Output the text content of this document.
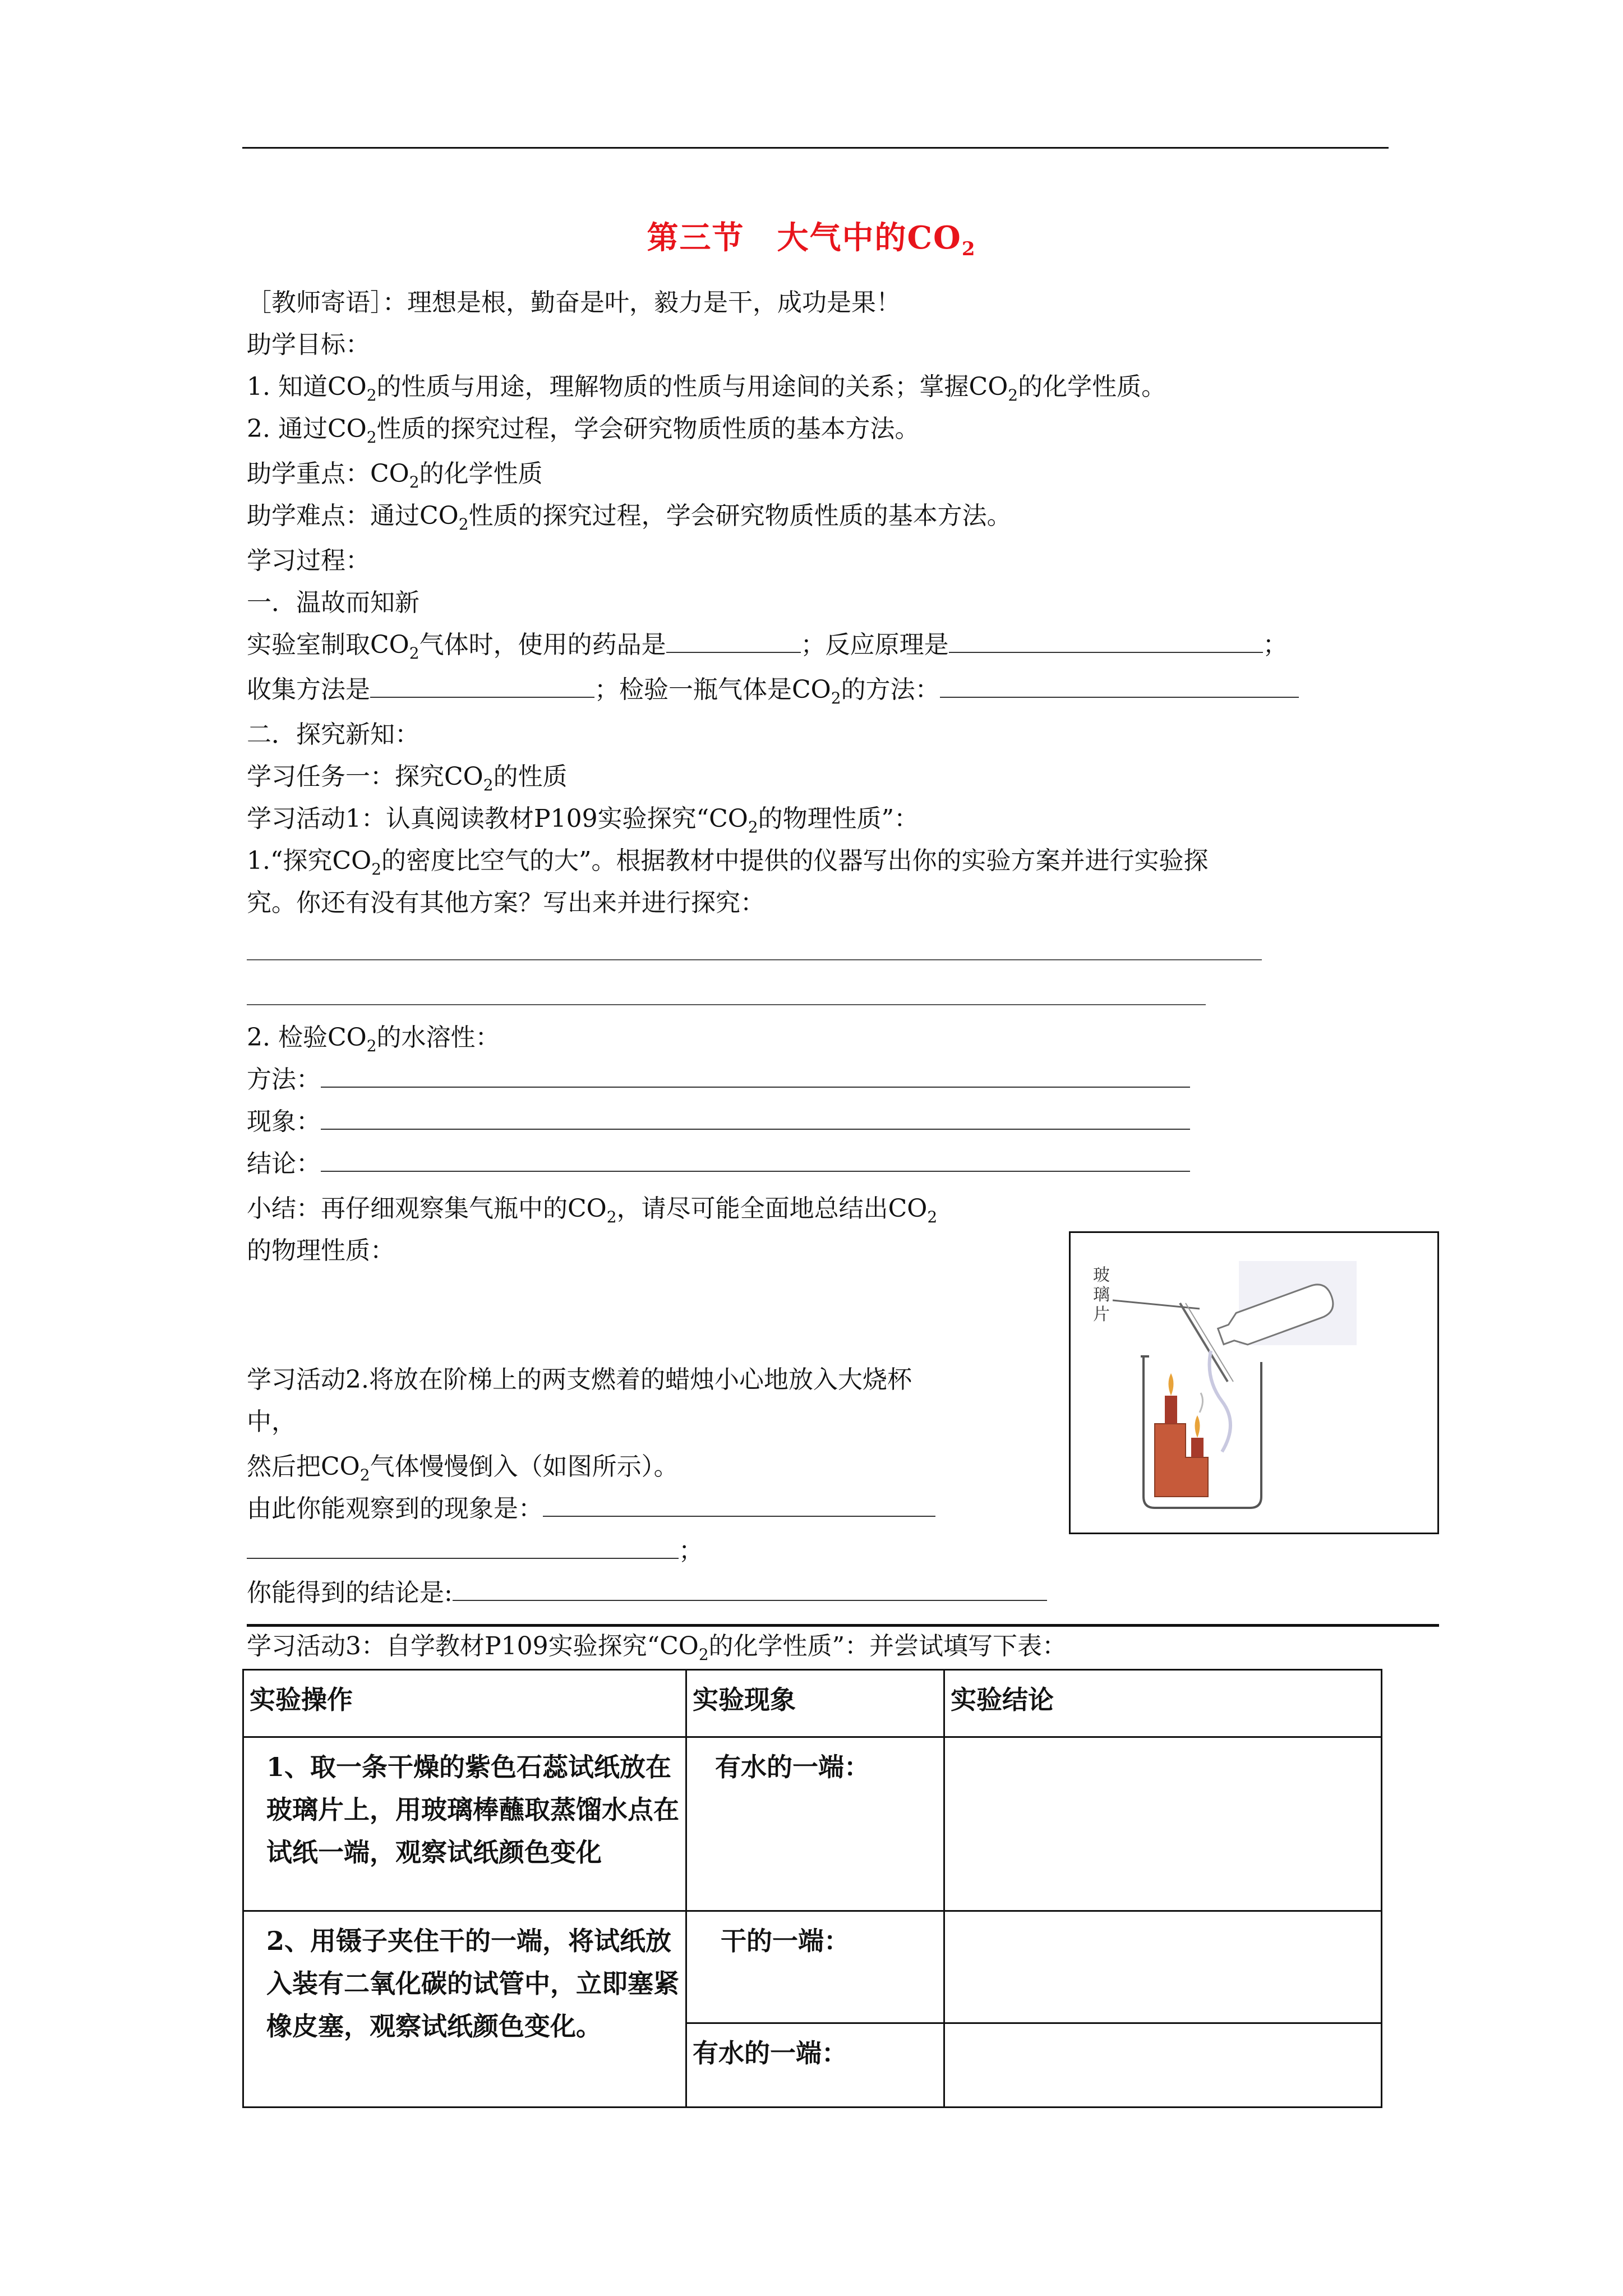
第三节　大气中的$CO_2$
［教师寄语］：理想是根，勤奋是叶，毅力是干，成功是果！
助学目标：
1. 知道$CO_2$的性质与用途，理解物质的性质与用途间的关系；掌握$CO_2$的化学性质。
2. 通过$CO_2$性质的探究过程，学会研究物质性质的基本方法。
助学重点：$CO_2$的化学性质
助学难点：通过$CO_2$性质的探究过程，学会研究物质性质的基本方法。
学习过程：
一．温故而知新
实验室制取$CO_2$气体时，使用的药品是	；反应原理是	；
收集方法是	；检验一瓶气体是$CO_2$的方法：
二．探究新知：
学习任务一：探究$CO_2$的性质
学习活动1：认真阅读教材P109实验探究“$CO_2$的物理性质”：
1.“探究$CO_2$的密度比空气的大”。根据教材中提供的仪器写出你的实验方案并进行实验探
究。你还有没有其他方案？写出来并进行探究：
2. 检验$CO_2$的水溶性：
方法：
现象：
结论：
小结：再仔细观察集气瓶中的$CO_2$，请尽可能全面地总结出$CO_2$
的物理性质：
学习活动2.将放在阶梯上的两支燃着的蜡烛小心地放入大烧杯
中，
然后把$CO_2$气体慢慢倒入（如图所示）。
由此你能观察到的现象是：
；
你能得到的结论是:
玻
璃
片
学习活动3：自学教材P109实验探究“$CO_2$的化学性质”：并尝试填写下表：
实验操作	实验现象	实验结论
1、取一条干燥的紫色石蕊试纸放在玻璃片上，用玻璃棒蘸取蒸馏水点在试纸一端，观察试纸颜色变化	有水的一端：	
2、用镊子夹住干的一端，将试纸放入装有二氧化碳的试管中，立即塞紧橡皮塞，观察试纸颜色变化。	干的一端：	
	有水的一端：	
